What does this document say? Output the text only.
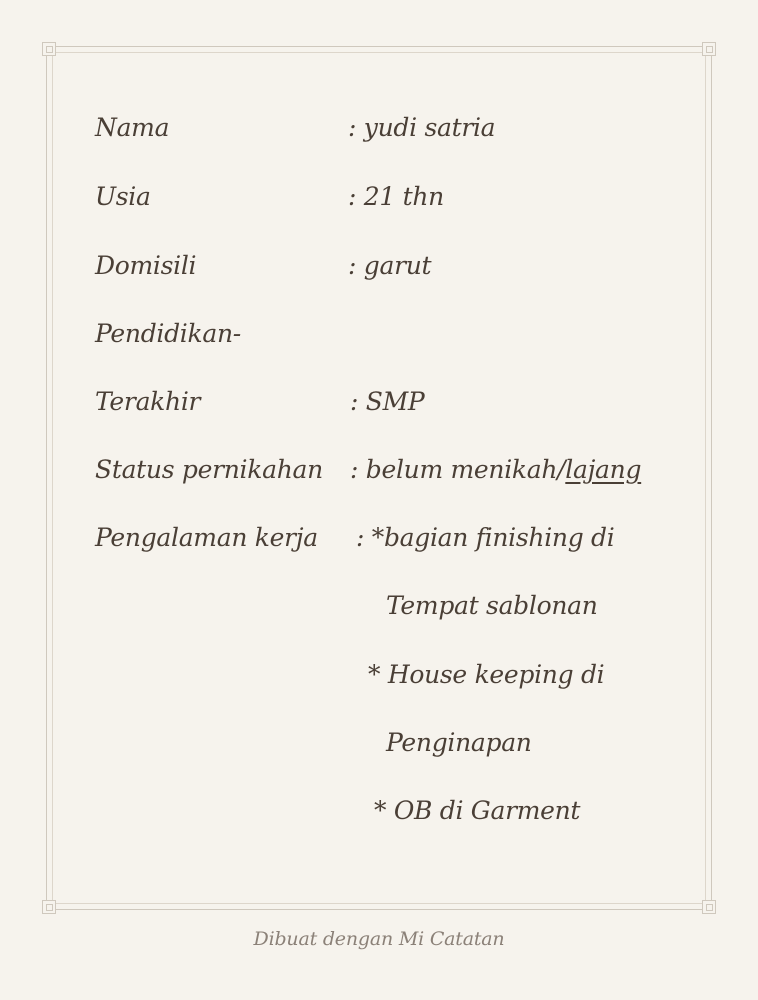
Nama	: yudi satria
Usia	: 21 thn
Domisili	: garut
Pendidikan-
Terakhir	: SMP
Status pernikahan : belum menikah/lajang
Pengalaman kerja : *bagian finishing di
Tempat sablonan
* House keeping di
Penginapan
* OB di Garment
Dibuat dengan Mi Catatan
